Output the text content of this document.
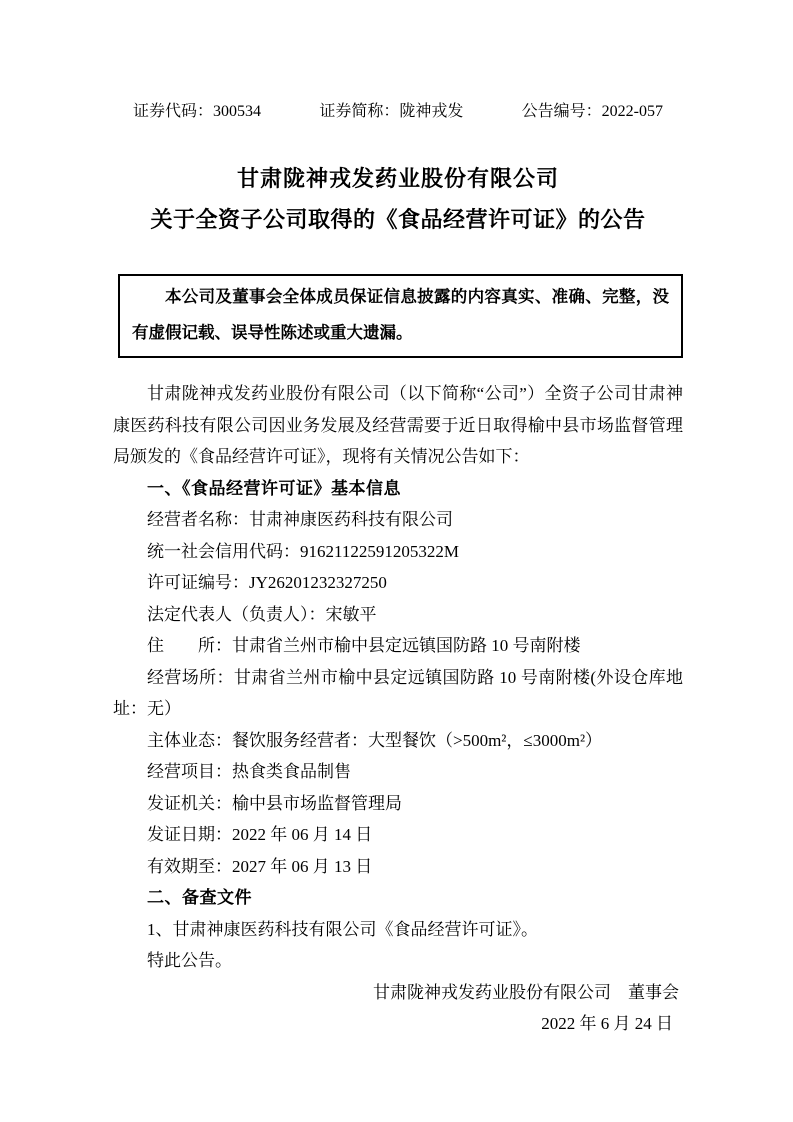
证券代码：300534	证券简称：陇神戎发	公告编号：2022-057
甘肃陇神戎发药业股份有限公司
关于全资子公司取得的《食品经营许可证》的公告

本公司及董事会全体成员保证信息披露的内容真实、准确、完整，没有虚假记载、误导性陈述或重大遗漏。

甘肃陇神戎发药业股份有限公司（以下简称“公司”）全资子公司甘肃神康医药科技有限公司因业务发展及经营需要于近日取得榆中县市场监督管理局颁发的《食品经营许可证》，现将有关情况公告如下：

一、《食品经营许可证》基本信息

经营者名称：甘肃神康医药科技有限公司

统一社会信用代码：91621122591205322M

许可证编号：JY26201232327250

法定代表人（负责人）：宋敏平

住　　所：甘肃省兰州市榆中县定远镇国防路 10 号南附楼

经营场所：甘肃省兰州市榆中县定远镇国防路 10 号南附楼(外设仓库地址：无）

主体业态：餐饮服务经营者：大型餐饮（>500m²，≤3000m²）

经营项目：热食类食品制售

发证机关：榆中县市场监督管理局

发证日期：2022 年 06 月 14 日

有效期至：2027 年 06 月 13 日

二、备查文件

1、甘肃神康医药科技有限公司《食品经营许可证》。

特此公告。

甘肃陇神戎发药业股份有限公司　董事会

2022 年 6 月 24 日
